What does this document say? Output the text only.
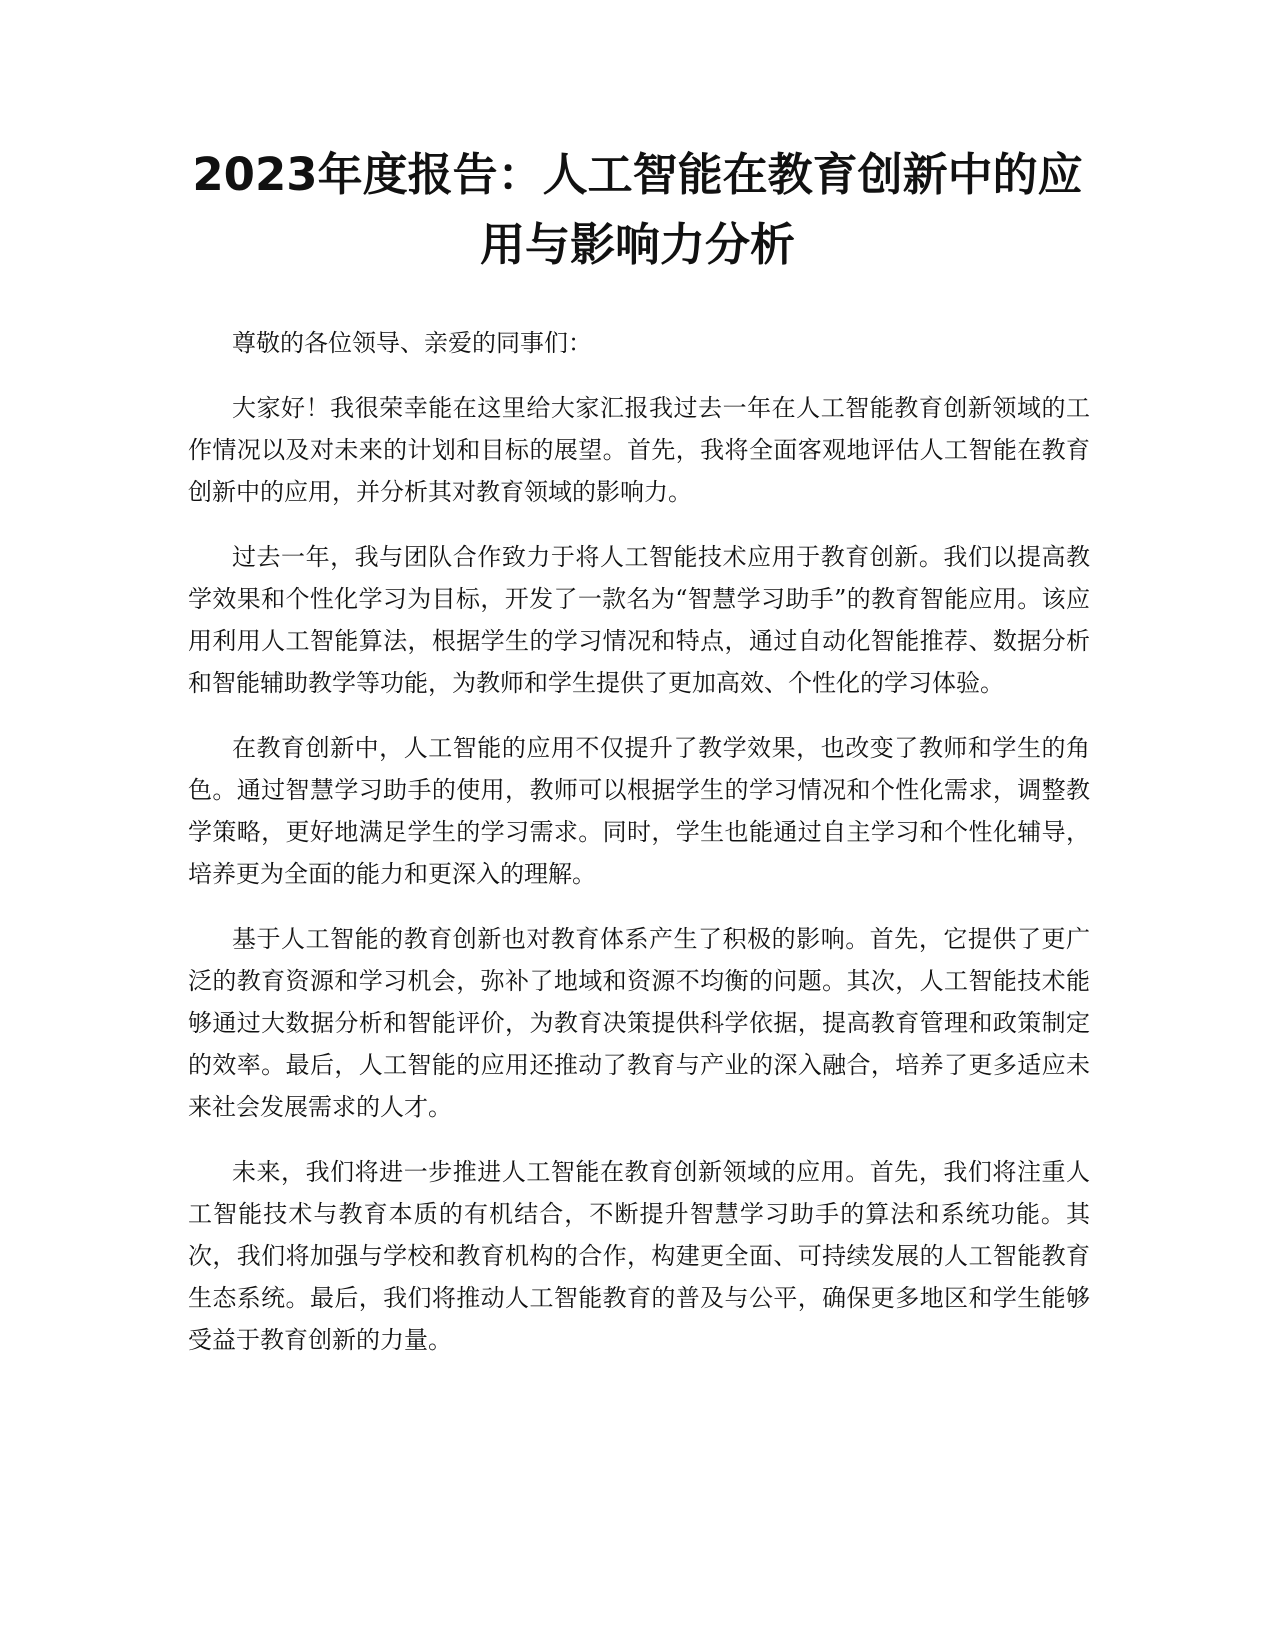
2023年度报告：人工智能在教育创新中的应
用与影响力分析

尊敬的各位领导、亲爱的同事们：

大家好！我很荣幸能在这里给大家汇报我过去一年在人工智能教育创新领域的工作情况以及对未来的计划和目标的展望。首先，我将全面客观地评估人工智能在教育创新中的应用，并分析其对教育领域的影响力。

过去一年，我与团队合作致力于将人工智能技术应用于教育创新。我们以提高教学效果和个性化学习为目标，开发了一款名为“智慧学习助手”的教育智能应用。该应用利用人工智能算法，根据学生的学习情况和特点，通过自动化智能推荐、数据分析和智能辅助教学等功能，为教师和学生提供了更加高效、个性化的学习体验。

在教育创新中，人工智能的应用不仅提升了教学效果，也改变了教师和学生的角色。通过智慧学习助手的使用，教师可以根据学生的学习情况和个性化需求，调整教学策略，更好地满足学生的学习需求。同时，学生也能通过自主学习和个性化辅导，培养更为全面的能力和更深入的理解。

基于人工智能的教育创新也对教育体系产生了积极的影响。首先，它提供了更广泛的教育资源和学习机会，弥补了地域和资源不均衡的问题。其次，人工智能技术能够通过大数据分析和智能评价，为教育决策提供科学依据，提高教育管理和政策制定的效率。最后，人工智能的应用还推动了教育与产业的深入融合，培养了更多适应未来社会发展需求的人才。

未来，我们将进一步推进人工智能在教育创新领域的应用。首先，我们将注重人工智能技术与教育本质的有机结合，不断提升智慧学习助手的算法和系统功能。其次，我们将加强与学校和教育机构的合作，构建更全面、可持续发展的人工智能教育生态系统。最后，我们将推动人工智能教育的普及与公平，确保更多地区和学生能够受益于教育创新的力量。
